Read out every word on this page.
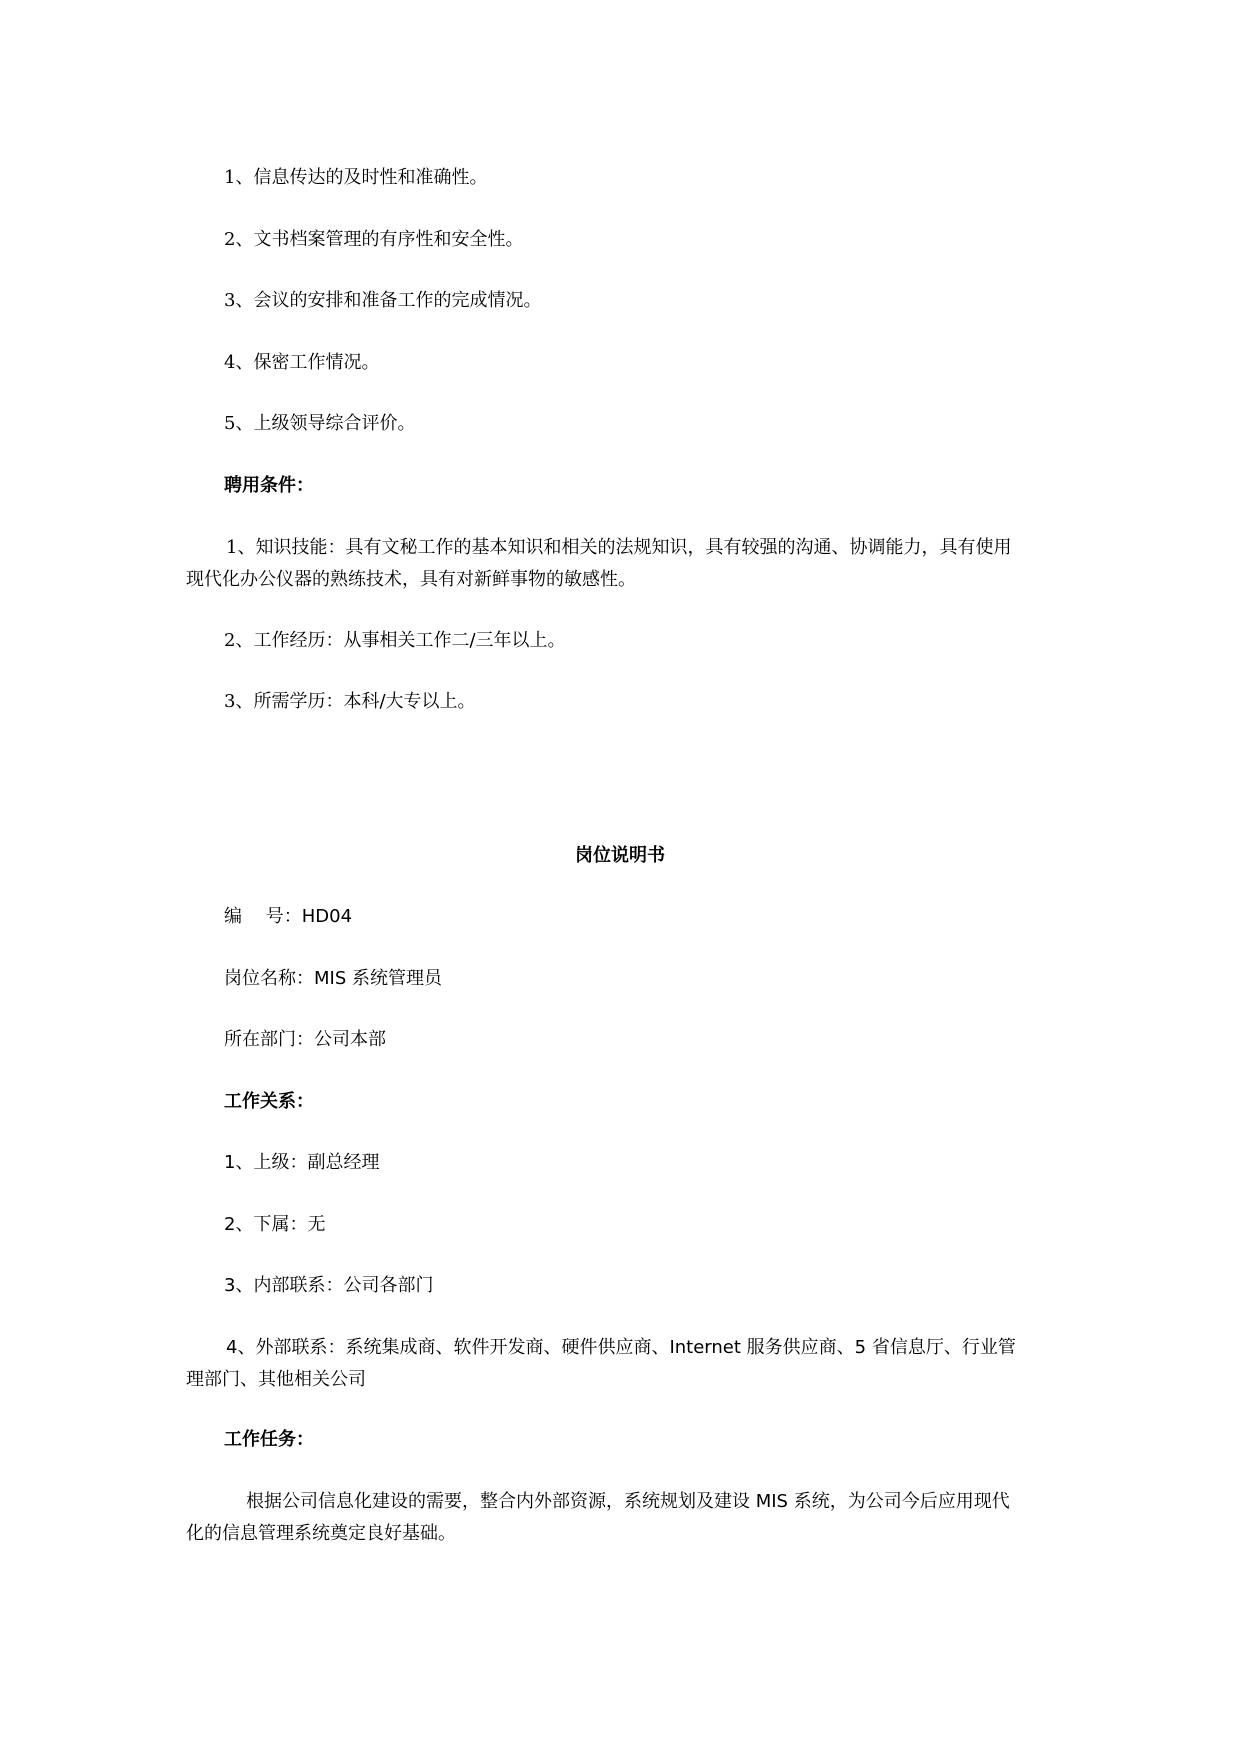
1、信息传达的及时性和准确性。
2、文书档案管理的有序性和安全性。
3、会议的安排和准备工作的完成情况。
4、保密工作情况。
5、上级领导综合评价。
聘用条件：
1、知识技能：具有文秘工作的基本知识和相关的法规知识，具有较强的沟通、协调能力，具有使用
现代化办公仪器的熟练技术，具有对新鲜事物的敏感性。
2、工作经历：从事相关工作二/三年以上。
3、所需学历：本科/大专以上。
岗位说明书
编　 号：HD04
岗位名称：MIS 系统管理员
所在部门：公司本部
工作关系：
1、上级：副总经理
2、下属：无
3、内部联系：公司各部门
4、外部联系：系统集成商、软件开发商、硬件供应商、Internet 服务供应商、5 省信息厅、行业管
理部门、其他相关公司
工作任务：
根据公司信息化建设的需要，整合内外部资源，系统规划及建设 MIS 系统，为公司今后应用现代
化的信息管理系统奠定良好基础。
